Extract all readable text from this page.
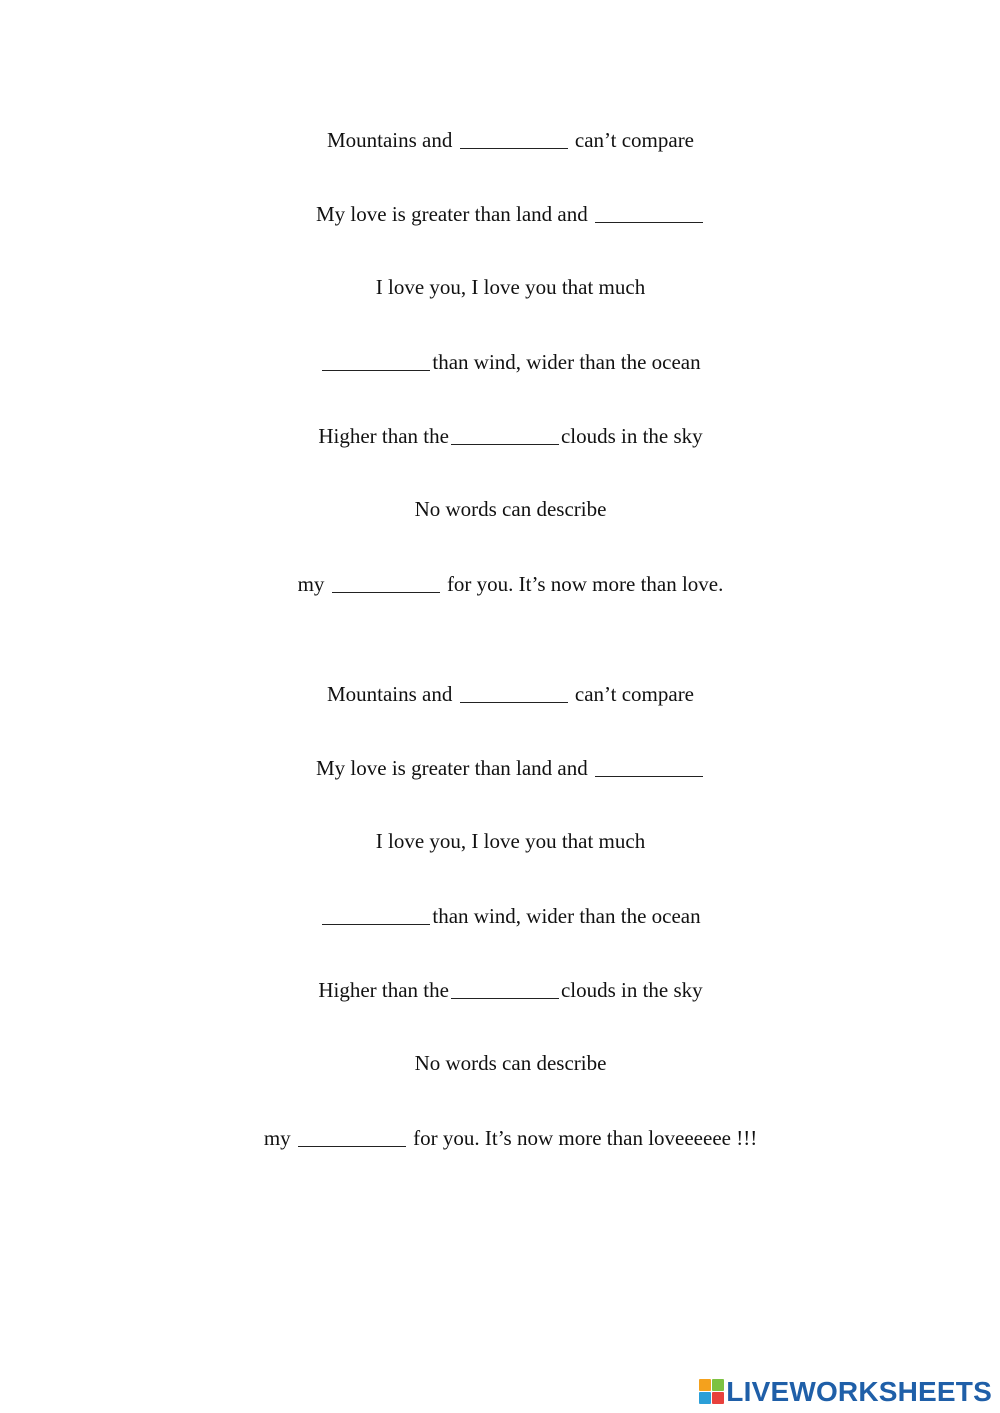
Mountains and	can’t compare

My love is greater than land and

I love you, I love you that much

than wind, wider than the ocean

Higher than the	clouds in the sky

No words can describe

my	for you. It’s now more than love.

Mountains and	can’t compare

My love is greater than land and

I love you, I love you that much

than wind, wider than the ocean

Higher than the	clouds in the sky

No words can describe

my	for you. It’s now more than loveeeeee !!!

LIVEWORKSHEETS
